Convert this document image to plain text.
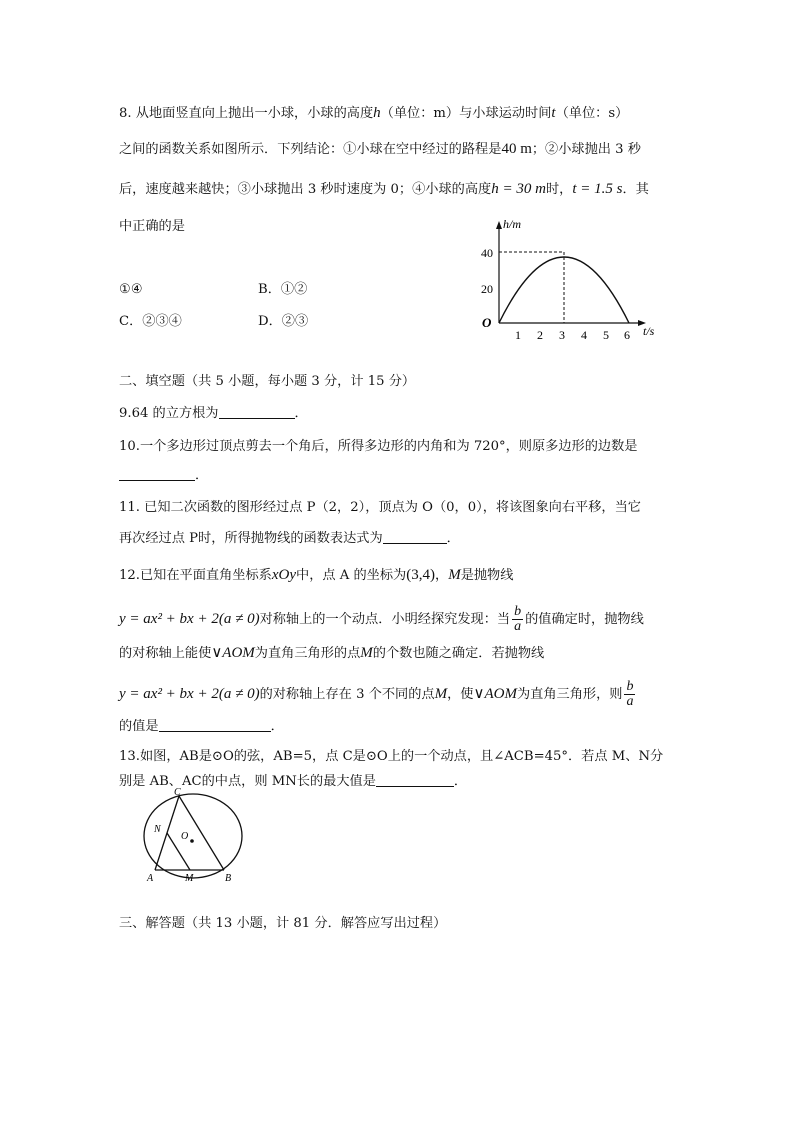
8. 从地面竖直向上抛出一小球，小球的高度h（单位：m）与小球运动时间t（单位：s）
之间的函数关系如图所示．下列结论：①小球在空中经过的路程是40 m；②小球抛出 3 秒
后，速度越来越快；③小球抛出 3 秒时速度为 0；④小球的高度h = 30 m时，t = 1.5 s．其
中正确的是
①④	B．①②
C．②③④	D．②③
h/m
t/s
O
40
20
1 2 3 4 5 6
二、填空题（共 5 小题，每小题 3 分，计 15 分）
9.64 的立方根为	．
10.一个多边形过顶点剪去一个角后，所得多边形的内角和为 720°，则原多边形的边数是
．
11. 已知二次函数的图形经过点 P（2，2），顶点为 O（0，0），将该图象向右平移，当它
再次经过点 P时，所得抛物线的函数表达式为	．
12.已知在平面直角坐标系xOy中，点 A 的坐标为(3,4)，M是抛物线
y = ax² + bx + 2(a ≠ 0)对称轴上的一个动点．小明经探究发现：当 $\frac{b}{a}$ 的值确定时，抛物线
的对称轴上能使∨AOM为直角三角形的点M的个数也随之确定．若抛物线
y = ax² + bx + 2(a ≠ 0)的对称轴上存在 3 个不同的点M，使∨AOM为直角三角形，则 $\frac{b}{a}$
的值是	．
13.如图，AB是⊙O的弦，AB=5，点 C是⊙O上的一个动点，且∠ACB=45°．若点 M、N分
别是 AB、AC的中点，则 MN长的最大值是	．
C
N
O
A	M	B
三、解答题（共 13 小题，计 81 分．解答应写出过程）
